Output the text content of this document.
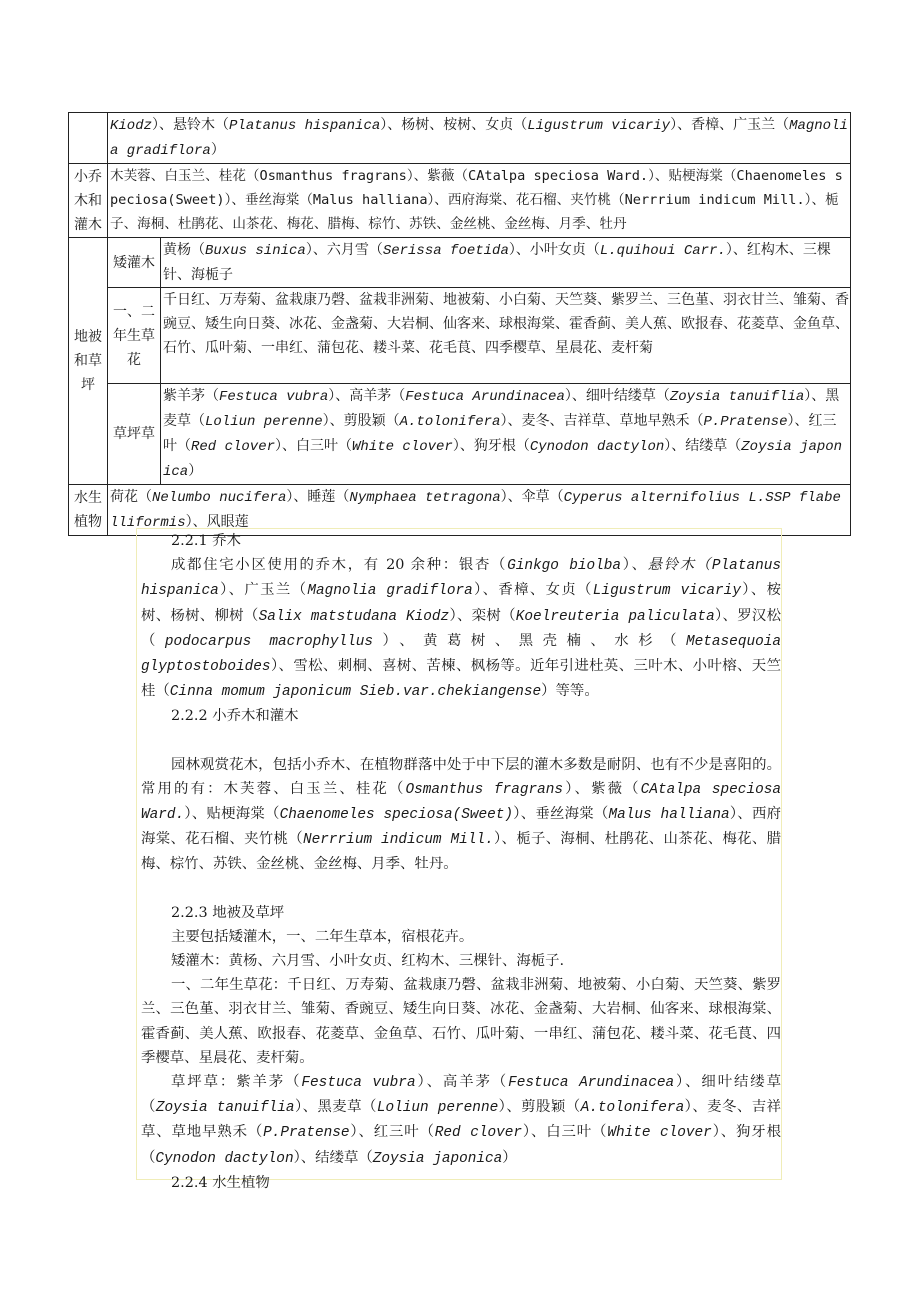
	Kiodz）、悬铃木（Platanus hispanica）、杨树、桉树、女贞（Ligustrum vicariy）、香樟、广玉兰（Magnolia gradiflora）	
小乔木和灌木	木芙蓉、白玉兰、桂花（Osmanthus fragrans）、紫薇（CAtalpa speciosa Ward.）、贴梗海棠（Chaenomeles speciosa(Sweet)）、垂丝海棠（Malus halliana）、西府海棠、花石榴、夹竹桃（Nerrrium indicum Mill.）、栀子、海桐、杜鹃花、山茶花、梅花、腊梅、棕竹、苏铁、金丝桃、金丝梅、月季、牡丹	
地被和草坪	矮灌木	黄杨（Buxus sinica）、六月雪（Serissa foetida）、小叶女贞（L.quihoui Carr.）、红构木、三棵针、海栀子
	一、二年生草花	千日红、万寿菊、盆栽康乃磬、盆栽非洲菊、地被菊、小白菊、天竺葵、紫罗兰、三色堇、羽衣甘兰、雏菊、香豌豆、矮生向日葵、冰花、金盏菊、大岩桐、仙客来、球根海棠、霍香蓟、美人蕉、欧报春、花菱草、金鱼草、石竹、瓜叶菊、一串红、蒲包花、耧斗菜、花毛茛、四季樱草、星晨花、麦杆菊
	草坪草	紫羊茅（Festuca vubra）、高羊茅（Festuca Arundinacea）、细叶结缕草（Zoysia tanuiflia）、黑麦草（Loliun perenne）、剪股颖（A.tolonifera）、麦冬、吉祥草、草地早熟禾（P.Pratense）、红三叶（Red clover）、白三叶（White clover）、狗牙根（Cynodon dactylon）、结缕草（Zoysia japonica）
水生植物	荷花（Nelumbo nucifera）、睡莲（Nymphaea tetragona）、伞草（Cyperus alternifolius L.SSP flabelliformis）、风眼莲	

2.2.1 乔木

成都住宅小区使用的乔木，有 20 余种：银杏（Ginkgo biolba）、悬铃木（Platanus hispanica）、广玉兰（Magnolia gradiflora）、香樟、女贞（Ligustrum vicariy）、桉树、杨树、柳树（Salix matstudana Kiodz）、栾树（Koelreuteria paliculata）、罗汉松（podocarpus macrophyllus）、黄葛树、黑壳楠、水杉（Metasequoia glyptostoboides）、雪松、刺桐、喜树、苦楝、枫杨等。近年引进杜英、三叶木、小叶榕、天竺桂（Cinna momum japonicum Sieb.var.chekiangense）等等。

2.2.2 小乔木和灌木

园林观赏花木，包括小乔木、在植物群落中处于中下层的灌木多数是耐阴、也有不少是喜阳的。常用的有：木芙蓉、白玉兰、桂花（Osmanthus fragrans）、紫薇（CAtalpa speciosa Ward.）、贴梗海棠（Chaenomeles speciosa(Sweet)）、垂丝海棠（Malus halliana）、西府海棠、花石榴、夹竹桃（Nerrrium indicum Mill.）、栀子、海桐、杜鹃花、山茶花、梅花、腊梅、棕竹、苏铁、金丝桃、金丝梅、月季、牡丹。

2.2.3 地被及草坪

主要包括矮灌木，一、二年生草本，宿根花卉。

矮灌木：黄杨、六月雪、小叶女贞、红构木、三棵针、海栀子.

一、二年生草花：千日红、万寿菊、盆栽康乃磬、盆栽非洲菊、地被菊、小白菊、天竺葵、紫罗兰、三色堇、羽衣甘兰、雏菊、香豌豆、矮生向日葵、冰花、金盏菊、大岩桐、仙客来、球根海棠、霍香蓟、美人蕉、欧报春、花菱草、金鱼草、石竹、瓜叶菊、一串红、蒲包花、耧斗菜、花毛茛、四季樱草、星晨花、麦杆菊。

草坪草：紫羊茅（Festuca vubra）、高羊茅（Festuca Arundinacea）、细叶结缕草（Zoysia tanuiflia）、黑麦草（Loliun perenne）、剪股颖（A.tolonifera）、麦冬、吉祥草、草地早熟禾（P.Pratense）、红三叶（Red clover）、白三叶（White clover）、狗牙根（Cynodon dactylon）、结缕草（Zoysia japonica）

2.2.4 水生植物
